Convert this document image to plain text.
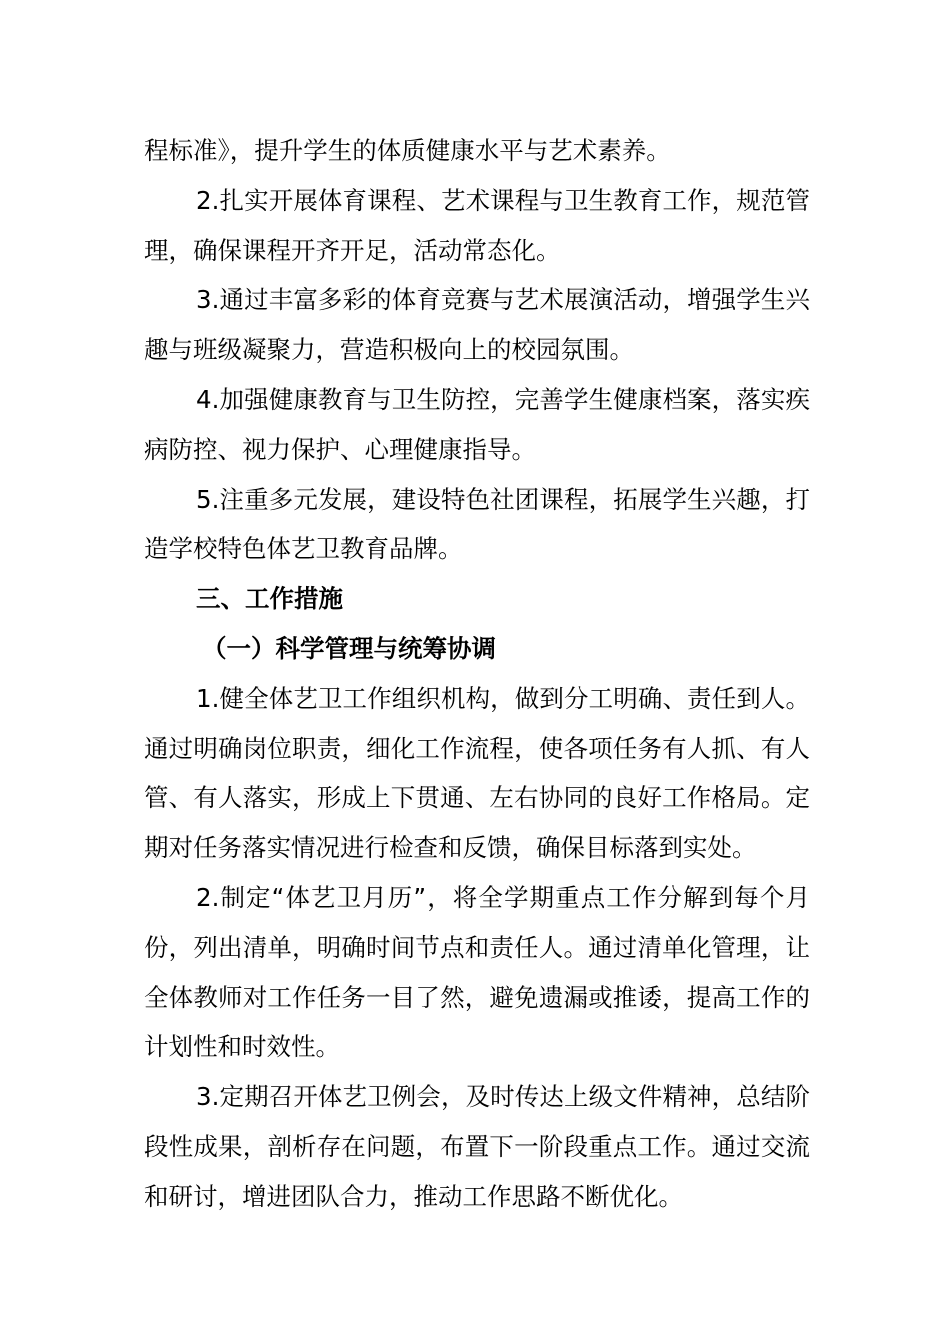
程标准》，提升学生的体质健康水平与艺术素养。

2.扎实开展体育课程、艺术课程与卫生教育工作，规范管理，确保课程开齐开足，活动常态化。

3.通过丰富多彩的体育竞赛与艺术展演活动，增强学生兴趣与班级凝聚力，营造积极向上的校园氛围。

4.加强健康教育与卫生防控，完善学生健康档案，落实疾病防控、视力保护、心理健康指导。

5.注重多元发展，建设特色社团课程，拓展学生兴趣，打造学校特色体艺卫教育品牌。

三、工作措施

（一）科学管理与统筹协调

1.健全体艺卫工作组织机构，做到分工明确、责任到人。通过明确岗位职责，细化工作流程，使各项任务有人抓、有人管、有人落实，形成上下贯通、左右协同的良好工作格局。定期对任务落实情况进行检查和反馈，确保目标落到实处。

2.制定“体艺卫月历”，将全学期重点工作分解到每个月份，列出清单，明确时间节点和责任人。通过清单化管理，让全体教师对工作任务一目了然，避免遗漏或推诿，提高工作的计划性和时效性。

3.定期召开体艺卫例会，及时传达上级文件精神，总结阶段性成果，剖析存在问题，布置下一阶段重点工作。通过交流和研讨，增进团队合力，推动工作思路不断优化。
